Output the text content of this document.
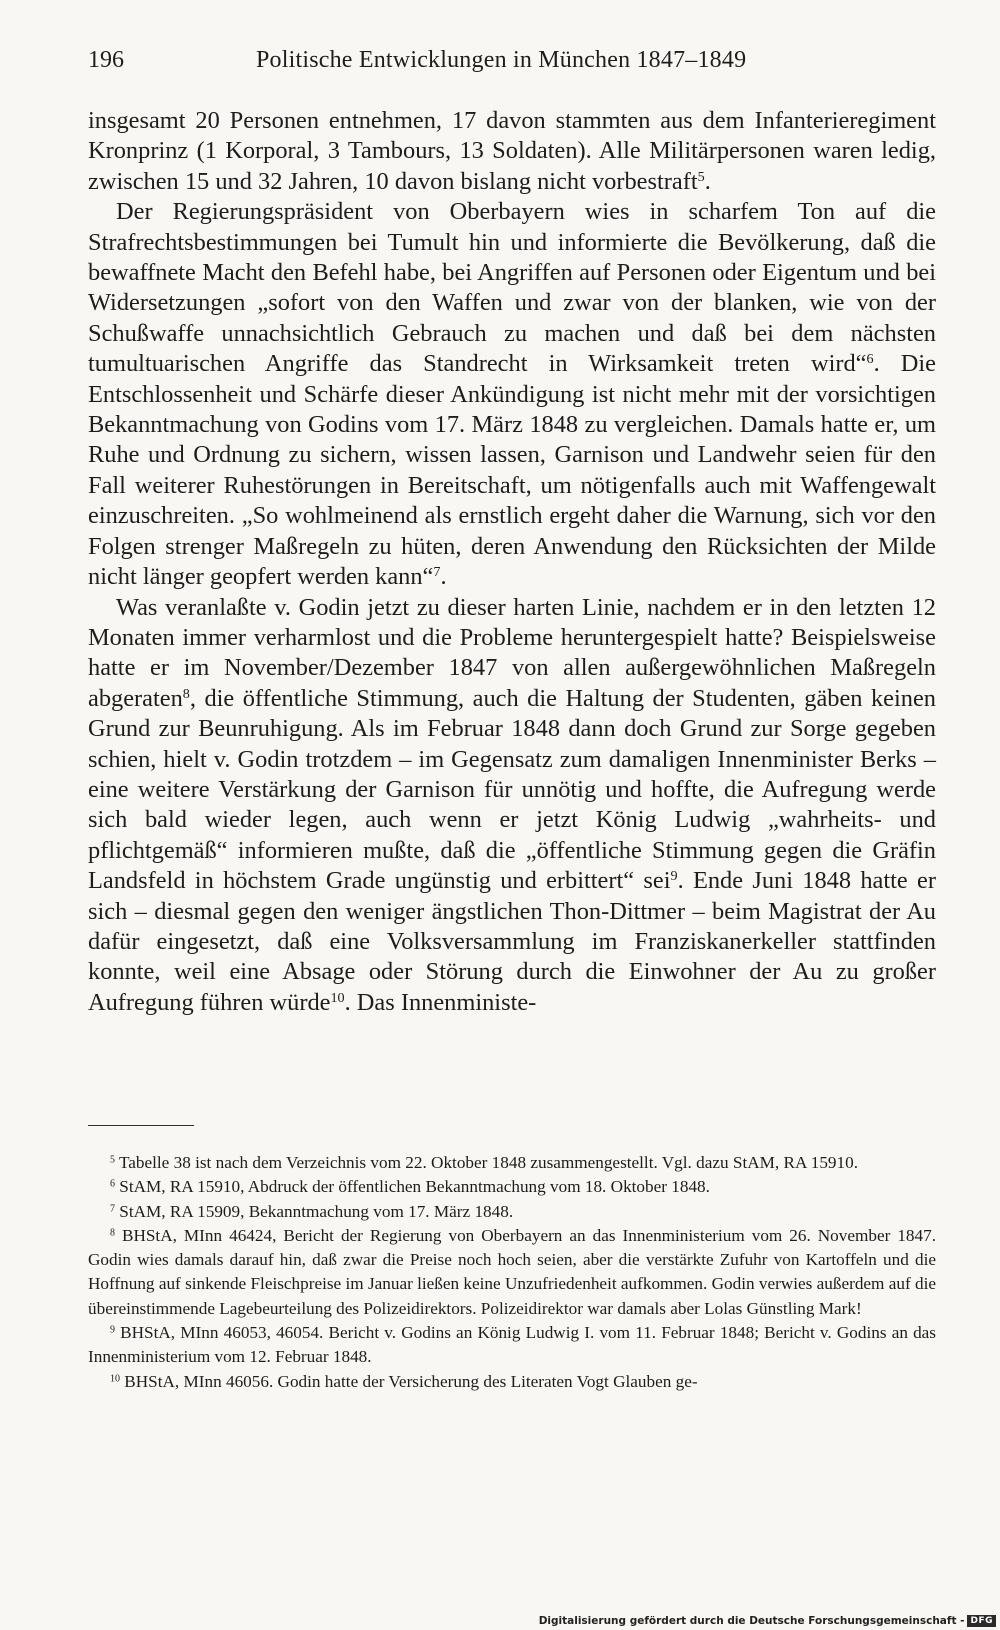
196	Politische Entwicklungen in München 1847–1849

insgesamt 20 Personen entnehmen, 17 davon stammten aus dem Infanterieregiment Kronprinz (1 Korporal, 3 Tambours, 13 Soldaten). Alle Militärpersonen waren ledig, zwischen 15 und 32 Jahren, 10 davon bislang nicht vorbestraft$^5$.

Der Regierungspräsident von Oberbayern wies in scharfem Ton auf die Strafrechtsbestimmungen bei Tumult hin und informierte die Bevölkerung, daß die bewaffnete Macht den Befehl habe, bei Angriffen auf Personen oder Eigentum und bei Widersetzungen „sofort von den Waffen und zwar von der blanken, wie von der Schußwaffe unnachsichtlich Gebrauch zu machen und daß bei dem nächsten tumultuarischen Angriffe das Standrecht in Wirksamkeit treten wird“$^6$. Die Entschlossenheit und Schärfe dieser Ankündigung ist nicht mehr mit der vorsichtigen Bekanntmachung von Godins vom 17. März 1848 zu vergleichen. Damals hatte er, um Ruhe und Ordnung zu sichern, wissen lassen, Garnison und Landwehr seien für den Fall weiterer Ruhestörungen in Bereitschaft, um nötigenfalls auch mit Waffengewalt einzuschreiten. „So wohlmeinend als ernstlich ergeht daher die Warnung, sich vor den Folgen strenger Maßregeln zu hüten, deren Anwendung den Rücksichten der Milde nicht länger geopfert werden kann“$^7$.

Was veranlaßte v. Godin jetzt zu dieser harten Linie, nachdem er in den letzten 12 Monaten immer verharmlost und die Probleme heruntergespielt hatte? Beispielsweise hatte er im November/Dezember 1847 von allen außergewöhnlichen Maßregeln abgeraten$^8$, die öffentliche Stimmung, auch die Haltung der Studenten, gäben keinen Grund zur Beunruhigung. Als im Februar 1848 dann doch Grund zur Sorge gegeben schien, hielt v. Godin trotzdem – im Gegensatz zum damaligen Innenminister Berks – eine weitere Verstärkung der Garnison für unnötig und hoffte, die Aufregung werde sich bald wieder legen, auch wenn er jetzt König Ludwig „wahrheits- und pflichtgemäß“ informieren mußte, daß die „öffentliche Stimmung gegen die Gräfin Landsfeld in höchstem Grade ungünstig und erbittert“ sei$^9$. Ende Juni 1848 hatte er sich – diesmal gegen den weniger ängstlichen Thon-Dittmer – beim Magistrat der Au dafür eingesetzt, daß eine Volksversammlung im Franziskanerkeller stattfinden konnte, weil eine Absage oder Störung durch die Einwohner der Au zu großer Aufregung führen würde$^{10}$. Das Innenministe-

$^5$ Tabelle 38 ist nach dem Verzeichnis vom 22. Oktober 1848 zusammengestellt. Vgl. dazu StAM, RA 15910.

$^6$ StAM, RA 15910, Abdruck der öffentlichen Bekanntmachung vom 18. Oktober 1848.

$^7$ StAM, RA 15909, Bekanntmachung vom 17. März 1848.

$^8$ BHStA, MInn 46424, Bericht der Regierung von Oberbayern an das Innenministerium vom 26. November 1847. Godin wies damals darauf hin, daß zwar die Preise noch hoch seien, aber die verstärkte Zufuhr von Kartoffeln und die Hoffnung auf sinkende Fleischpreise im Januar ließen keine Unzufriedenheit aufkommen. Godin verwies außerdem auf die übereinstimmende Lagebeurteilung des Polizeidirektors. Polizeidirektor war damals aber Lolas Günstling Mark!

$^9$ BHStA, MInn 46053, 46054. Bericht v. Godins an König Ludwig I. vom 11. Februar 1848; Bericht v. Godins an das Innenministerium vom 12. Februar 1848.

$^{10}$ BHStA, MInn 46056. Godin hatte der Versicherung des Literaten Vogt Glauben ge-

Digitalisierung gefördert durch die Deutsche Forschungsgemeinschaft - DFG
